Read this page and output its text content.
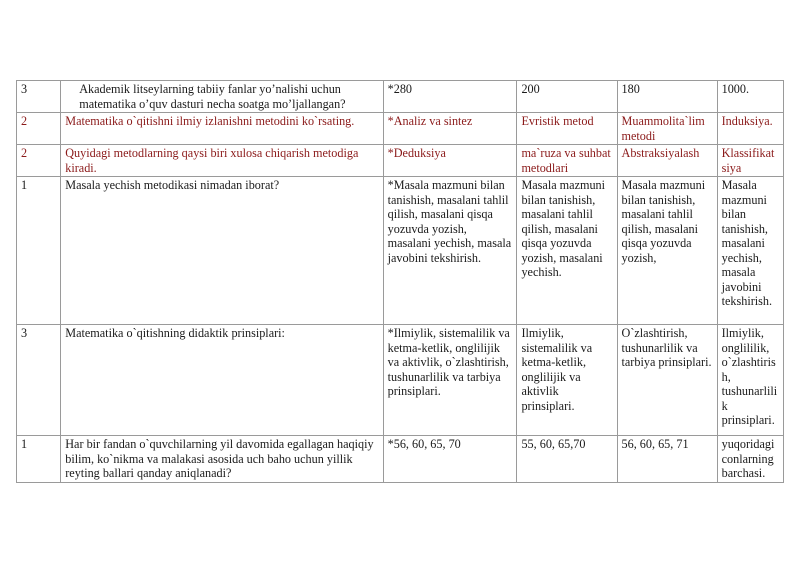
3	Akademik litseylarning tabiiy fanlar yo’nalishi uchun matematika o’quv dasturi necha soatga mo’ljallangan?	*280	200	180	1000.
2	Matematika o`qitishni ilmiy izlanishni metodini ko`rsating.	*Analiz va sintez	Evristik metod	Muammolita`lim metodi	Induksiya.
2	Quyidagi metodlarning qaysi biri xulosa chiqarish metodiga kiradi.	*Deduksiya	ma`ruza va suhbat metodlari	Abstraksiyalash	Klassifikatsiya
1	Masala yechish metodikasi nimadan iborat?	*Masala mazmuni bilan tanishish, masalani tahlil qilish, masalani qisqa yozuvda yozish, masalani yechish, masala javobini tekshirish.	Masala mazmuni bilan tanishish, masalani tahlil qilish, masalani qisqa yozuvda yozish, masalani yechish.	Masala mazmuni bilan tanishish, masalani tahlil qilish, masalani qisqa yozuvda yozish,	Masala mazmuni bilan tanishish, masalani yechish, masala javobini tekshirish.
3	Matematika o`qitishning didaktik prinsiplari:	*Ilmiylik, sistemalilik va ketma-ketlik, onglilijik va aktivlik, o`zlashtirish, tushunarlilik va tarbiya prinsiplari.	Ilmiylik, sistemalilik va ketma-ketlik, onglilijik va aktivlik prinsiplari.	O`zlashtirish, tushunarlilik va tarbiya prinsiplari.	Ilmiylik, onglililik, o`zlashtirish, tushunarlilik prinsiplari.
1	Har bir fandan o`quvchilarning yil davomida egallagan haqiqiy bilim, ko`nikma va malakasi asosida uch baho uchun yillik reyting ballari qanday aniqlanadi?	*56, 60, 65, 70	55, 60, 65,70	56, 60, 65, 71	yuqoridagi conlarning barchasi.
